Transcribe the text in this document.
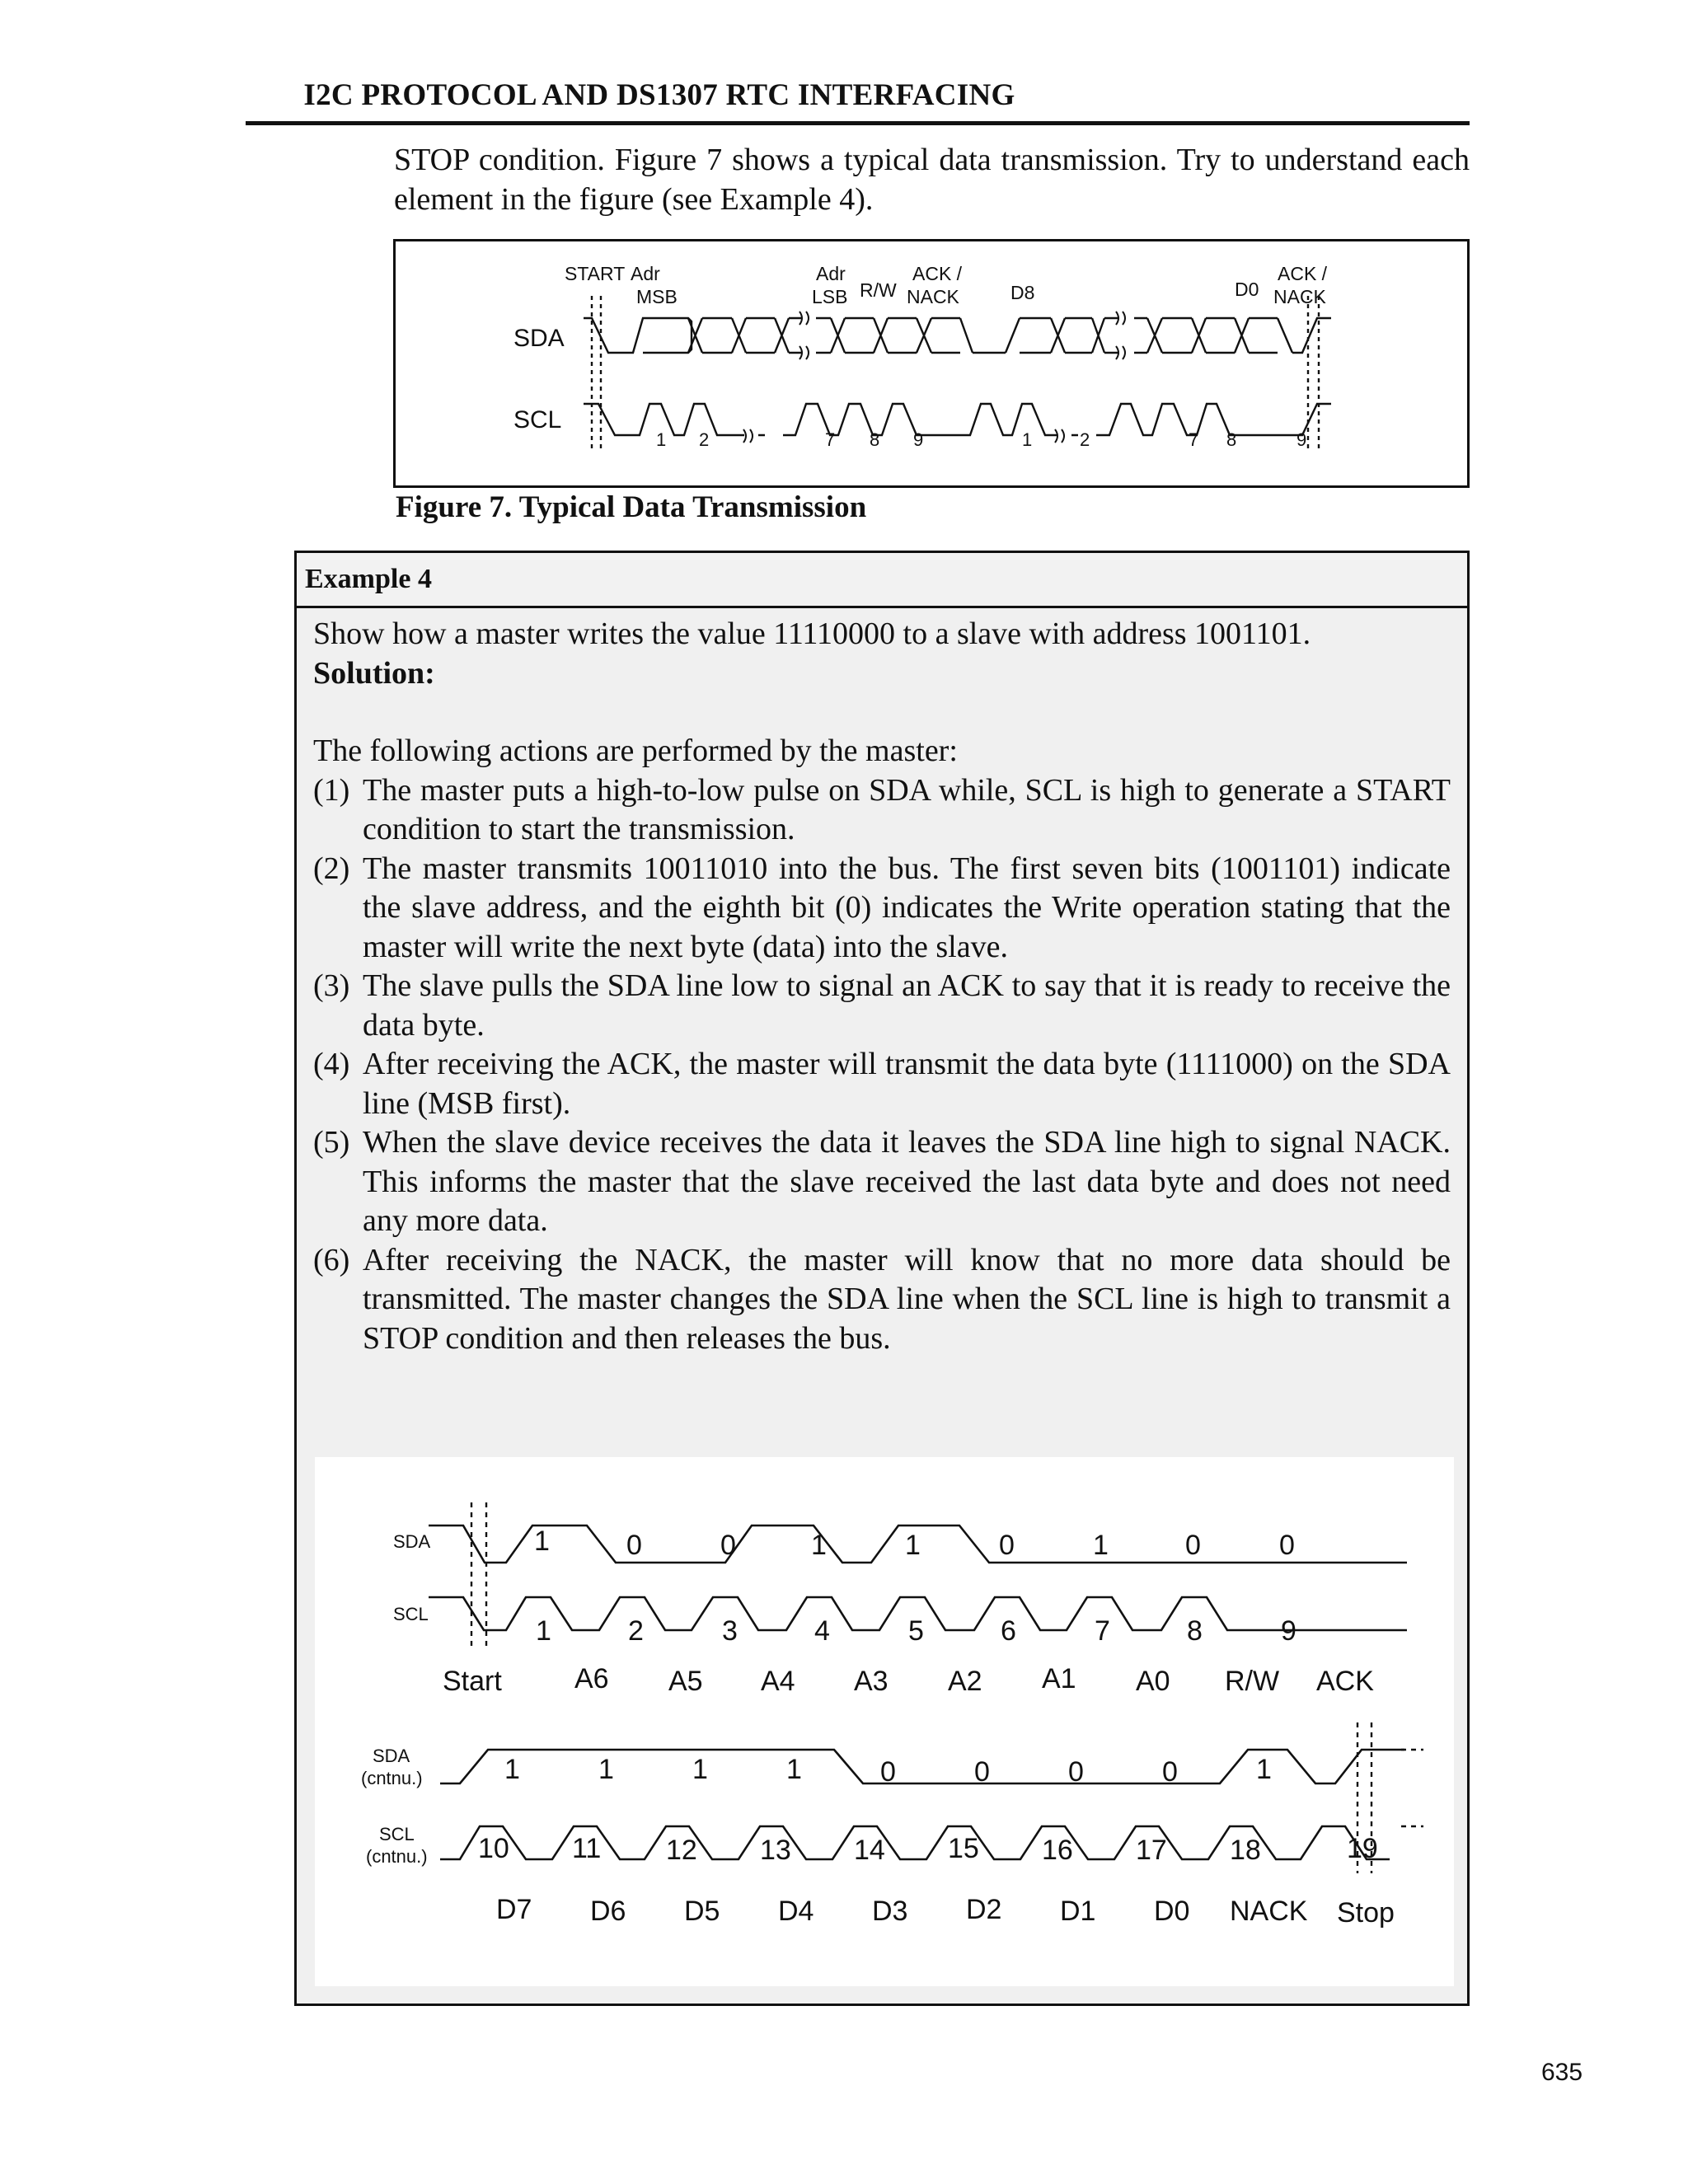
I2C PROTOCOL AND DS1307 RTC INTERFACING

STOP condition. Figure 7 shows a typical data transmission. Try to understand each element in the figure (see Example 4).

START Adr
MSB
Adr
LSB R/W
ACK /
NACK	D8	D0
ACK /
NACK
SDA
SCL
1 2	7 8 9	1	2	7 8	9
Figure 7. Typical Data Transmission
Example 4

Show how a master writes the value 11110000 to a slave with address 1001101.

Solution:

The following actions are performed by the master:

(1) The master puts a high-to-low pulse on SDA while, SCL is high to generate a START condition to start the transmission.
(2) The master transmits 10011010 into the bus. The first seven bits (1001101) indicate the slave address, and the eighth bit (0) indicates the Write operation stating that the master will write the next byte (data) into the slave.
(3) The slave pulls the SDA line low to signal an ACK to say that it is ready to receive the data byte.
(4) After receiving the ACK, the master will transmit the data byte (1111000) on the SDA line (MSB first).
(5) When the slave device receives the data it leaves the SDA line high to signal NACK. This informs the master that the slave received the last data byte and does not need any more data.
(6) After receiving the NACK, the master will know that no more data should be transmitted. The master changes the SDA line when the SCL line is high to transmit a STOP condition and then releases the bus.
SDA
SCL
1	0	0	1	1	0	1	0	0
1	2	3	4	5	6	7	8	9
Start	A6 A5 A4 A3 A2 A1 A0 R/W ACK
SDA
(cntnu.)
SCL
(cntnu.)
1	1	1	1	0	0	0	0	1
10 11 12 13 14 15 16 17 18	19
D7 D6 D5 D4 D3 D2 D1 D0 NACK Stop
635
